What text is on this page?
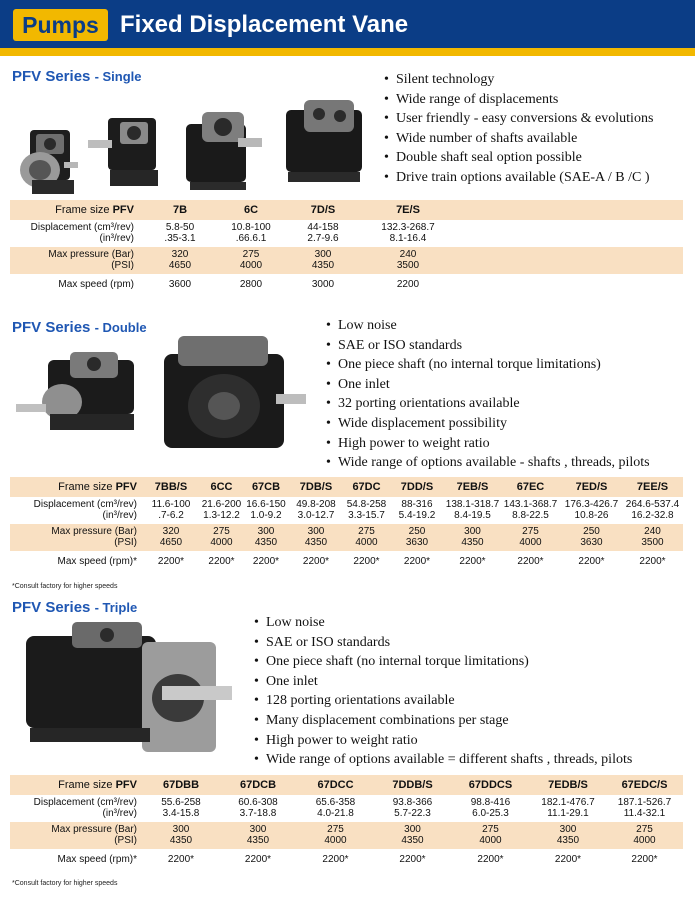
Pumps Fixed Displacement Vane
PFV Series - Single	• Silent technology
• Wide range of displacements
• User friendly - easy conversions & evolutions
• Wide number of shafts available
• Double shaft seal option possible
• Drive train options available (SAE-A / B /C )
Frame size PFV	7B	6C	7D/S	7E/S	
Displacement (cm³/rev)	5.8-50	10.8-100	44-158	132.3-268.7	
(in³/rev)	.35-3.1	.66.6.1	2.7-9.6	8.1-16.4	
Max pressure (Bar)	320	275	300	240	
(PSI)	4650	4000	4350	3500	
Max speed (rpm)	3600	2800	3000	2200	
PFV Series - Double	• Low noise
• SAE or ISO standards
• One piece shaft (no internal torque limitations)
• One inlet
• 32 porting orientations available
• Wide displacement possibility
• High power to weight ratio
• Wide range of options available - shafts , threads, pilots
Frame size PFV	7BB/S	6CC	67CB	7DB/S	67DC	7DD/S	7EB/S	67EC	7ED/S	7EE/S
Displacement (cm³/rev)	11.6-100	21.6-200	16.6-150	49.8-208	54.8-258	88-316	138.1-318.7	143.1-368.7	176.3-426.7	264.6-537.4
(in³/rev)	.7-6.2	1.3-12.2	1.0-9.2	3.0-12.7	3.3-15.7	5.4-19.2	8.4-19.5	8.8-22.5	10.8-26	16.2-32.8
Max pressure (Bar)	320	275	300	300	275	250	300	275	250	240
(PSI)	4650	4000	4350	4350	4000	3630	4350	4000	3630	3500
Max speed (rpm)*	2200*	2200*	2200*	2200*	2200*	2200*	2200*	2200*	2200*	2200*
*Consult factory for higher speeds
PFV Series - Triple
• Low noise
• SAE or ISO standards
• One piece shaft (no internal torque limitations)
• One inlet
• 128 porting orientations available
• Many displacement combinations per stage
• High power to weight ratio
• Wide range of options available = different shafts , threads, pilots
Frame size PFV	67DBB	67DCB	67DCC	7DDB/S	67DDCS	7EDB/S	67EDC/S
Displacement (cm³/rev)	55.6-258	60.6-308	65.6-358	93.8-366	98.8-416	182.1-476.7	187.1-526.7
(in³/rev)	3.4-15.8	3.7-18.8	4.0-21.8	5.7-22.3	6.0-25.3	11.1-29.1	11.4-32.1
Max pressure (Bar)	300	300	275	300	275	300	275
(PSI)	4350	4350	4000	4350	4000	4350	4000
Max speed (rpm)*	2200*	2200*	2200*	2200*	2200*	2200*	2200*
*Consult factory for higher speeds
